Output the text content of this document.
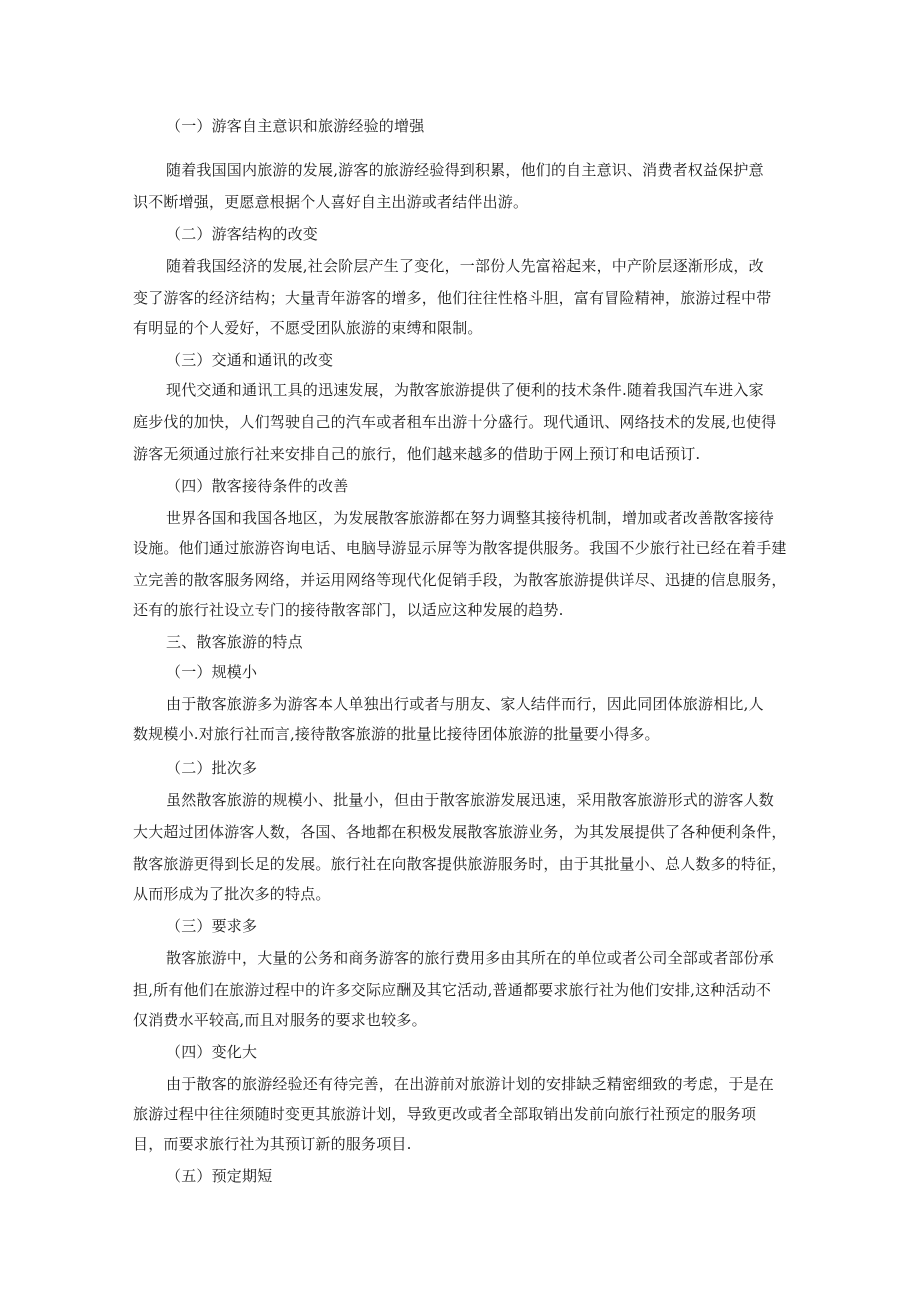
（一）游客自主意识和旅游经验的增强
随着我国国内旅游的发展,游客的旅游经验得到积累，他们的自主意识、消费者权益保护意
识不断增强，更愿意根据个人喜好自主出游或者结伴出游。
（二）游客结构的改变
随着我国经济的发展,社会阶层产生了变化，一部份人先富裕起来，中产阶层逐渐形成，改
变了游客的经济结构；大量青年游客的增多，他们往往性格斗胆，富有冒险精神，旅游过程中带
有明显的个人爱好，不愿受团队旅游的束缚和限制。
（三）交通和通讯的改变
现代交通和通讯工具的迅速发展，为散客旅游提供了便利的技术条件.随着我国汽车进入家
庭步伐的加快，人们驾驶自己的汽车或者租车出游十分盛行。现代通讯、网络技术的发展,也使得
游客无须通过旅行社来安排自己的旅行，他们越来越多的借助于网上预订和电话预订.
（四）散客接待条件的改善
世界各国和我国各地区，为发展散客旅游都在努力调整其接待机制，增加或者改善散客接待
设施。他们通过旅游咨询电话、电脑导游显示屏等为散客提供服务。我国不少旅行社已经在着手建
立完善的散客服务网络，并运用网络等现代化促销手段，为散客旅游提供详尽、迅捷的信息服务，
还有的旅行社设立专门的接待散客部门，以适应这种发展的趋势.
三、散客旅游的特点
（一）规模小
由于散客旅游多为游客本人单独出行或者与朋友、家人结伴而行，因此同团体旅游相比,人
数规模小.对旅行社而言,接待散客旅游的批量比接待团体旅游的批量要小得多。
（二）批次多
虽然散客旅游的规模小、批量小，但由于散客旅游发展迅速，采用散客旅游形式的游客人数
大大超过团体游客人数，各国、各地都在积极发展散客旅游业务，为其发展提供了各种便利条件，
散客旅游更得到长足的发展。旅行社在向散客提供旅游服务时，由于其批量小、总人数多的特征，
从而形成为了批次多的特点。
（三）要求多
散客旅游中，大量的公务和商务游客的旅行费用多由其所在的单位或者公司全部或者部份承
担,所有他们在旅游过程中的许多交际应酬及其它活动,普通都要求旅行社为他们安排,这种活动不
仅消费水平较高,而且对服务的要求也较多。
（四）变化大
由于散客的旅游经验还有待完善，在出游前对旅游计划的安排缺乏精密细致的考虑，于是在
旅游过程中往往须随时变更其旅游计划，导致更改或者全部取销出发前向旅行社预定的服务项
目，而要求旅行社为其预订新的服务项目.
（五）预定期短
